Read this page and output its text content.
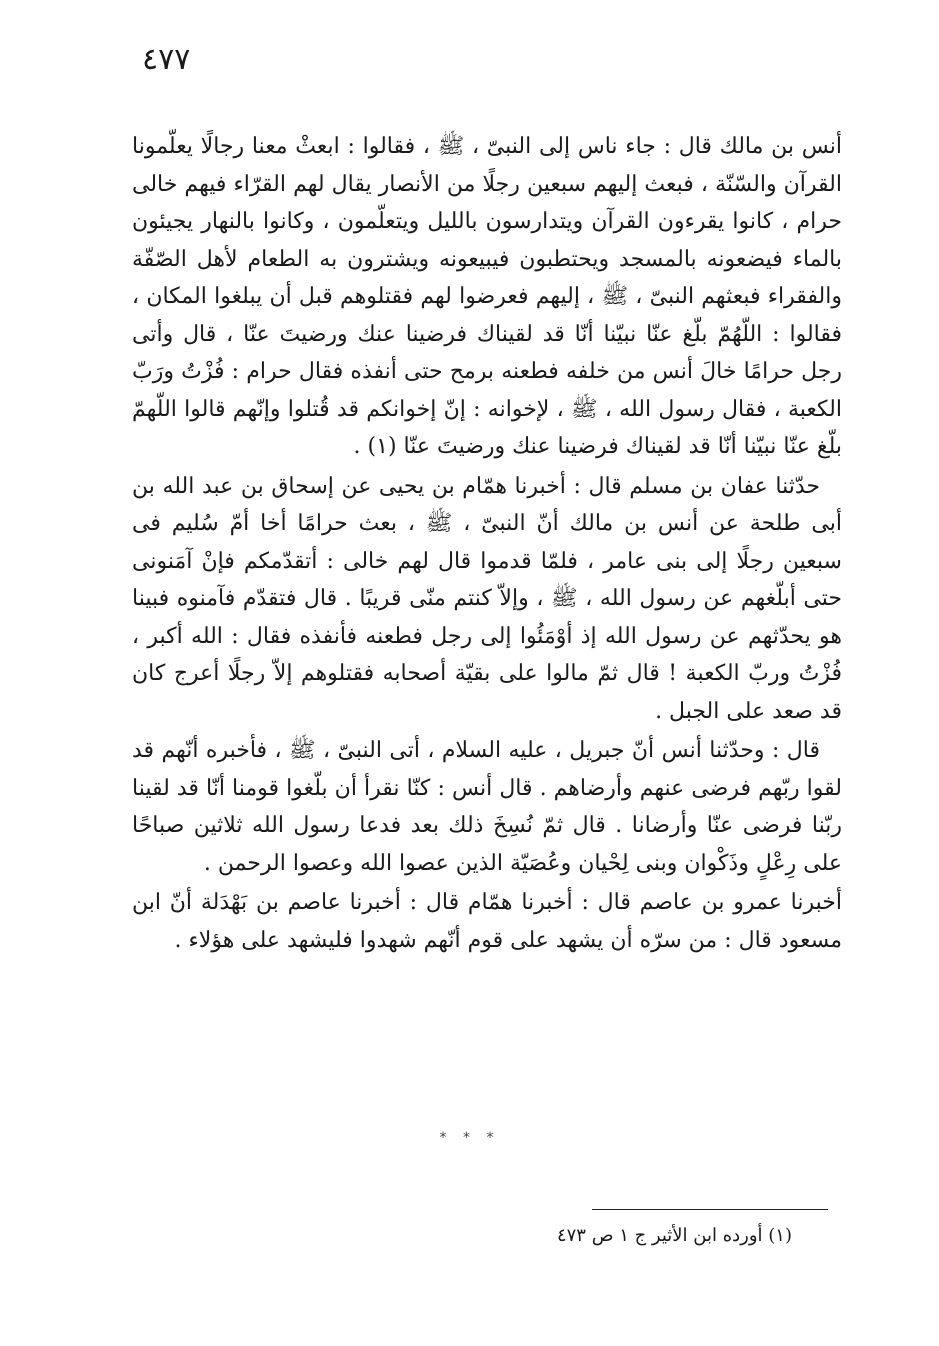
٤٧٧

أنس بن مالك قال : جاء ناس إلى النبىّ ، ﷺ ، فقالوا : ابعثْ معنا رجالًا يعلّمونا القرآن والسّنّة ، فبعث إليهم سبعين رجلًا من الأنصار يقال لهم القرّاء فيهم خالى حرام ، كانوا يقرءون القرآن ويتدارسون بالليل ويتعلّمون ، وكانوا بالنهار يجيئون بالماء فيضعونه بالمسجد ويحتطبون فيبيعونه ويشترون به الطعام لأهل الصّفّة والفقراء فبعثهم النبىّ ، ﷺ ، إليهم فعرضوا لهم فقتلوهم قبل أن يبلغوا المكان ، فقالوا : اللّهُمّ بلّغ عنّا نبيّنا أنّا قد لقيناك فرضينا عنك ورضيتَ عنّا ، قال وأتى رجل حرامًا خالَ أنس من خلفه فطعنه برمح حتى أنفذه فقال حرام : فُزْتُ ورَبّ الكعبة ، فقال رسول الله ، ﷺ ، لإخوانه : إنّ إخوانكم قد قُتلوا وإنّهم قالوا اللّهمّ بلّغ عنّا نبيّنا أنّا قد لقيناك فرضينا عنك ورضيتَ عنّا (١) .

حدّثنا عفان بن مسلم قال : أخبرنا همّام بن يحيى عن إسحاق بن عبد الله بن أبى طلحة عن أنس بن مالك أنّ النبىّ ، ﷺ ، بعث حرامًا أخا أمّ سُليم فى سبعين رجلًا إلى بنى عامر ، فلمّا قدموا قال لهم خالى : أتقدّمكم فإنْ آمَنونى حتى أبلّغهم عن رسول الله ، ﷺ ، وإلاّ كنتم منّى قريبًا . قال فتقدّم فآمنوه فبينا هو يحدّثهم عن رسول الله إذ أوْمَئُوا إلى رجل فطعنه فأنفذه فقال : الله أكبر ، فُزْتُ وربّ الكعبة ! قال ثمّ مالوا على بقيّة أصحابه فقتلوهم إلاّ رجلًا أعرج كان قد صعد على الجبل .

قال : وحدّثنا أنس أنّ جبريل ، عليه السلام ، أتى النبىّ ، ﷺ ، فأخبره أنّهم قد لقوا ربّهم فرضى عنهم وأرضاهم . قال أنس : كنّا نقرأ أن بلّغوا قومنا أنّا قد لقينا ربّنا فرضى عنّا وأرضانا . قال ثمّ نُسِخَ ذلك بعد فدعا رسول الله ثلاثين صباحًا على رِعْلٍ وذَكْوان وبنى لِحْيان وعُصَيّة الذين عصوا الله وعصوا الرحمن .

أخبرنا عمرو بن عاصم قال : أخبرنا همّام قال : أخبرنا عاصم بن بَهْدَلة أنّ ابن مسعود قال : من سرّه أن يشهد على قوم أنّهم شهدوا فليشهد على هؤلاء .

* * *
(١) أورده ابن الأثير ج ١ ص ٤٧٣
